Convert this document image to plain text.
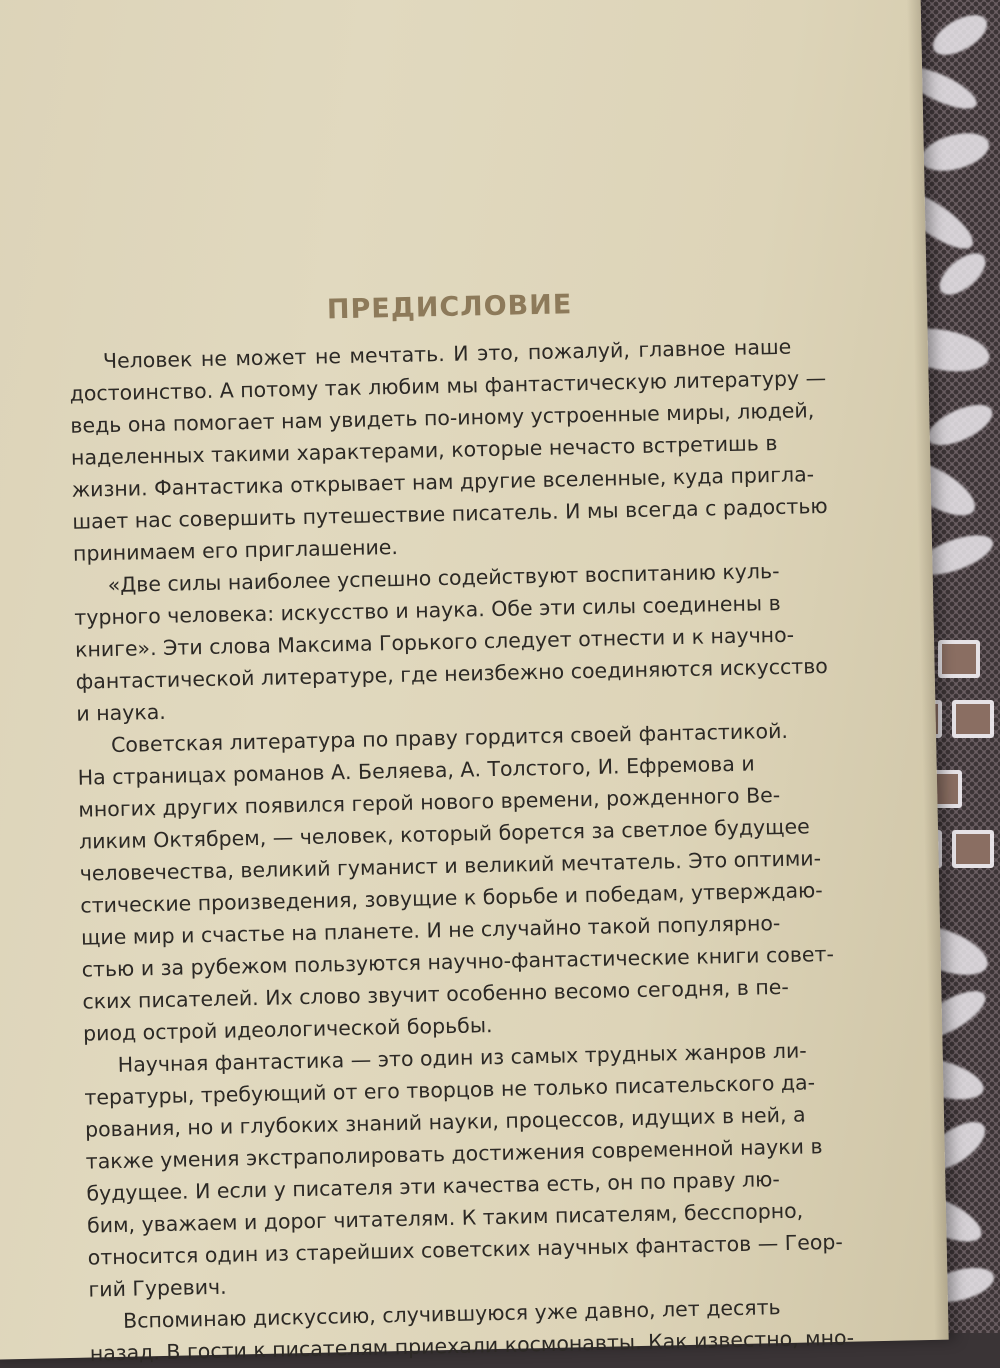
ПРЕДИСЛОВИЕ
Человек не может не мечтать. И это, пожалуй, главное наше
достоинство. А потому так любим мы фантастическую литературу —
ведь она помогает нам увидеть по-иному устроенные миры, людей,
наделенных такими характерами, которые нечасто встретишь в
жизни. Фантастика открывает нам другие вселенные, куда пригла-
шает нас совершить путешествие писатель. И мы всегда с радостью
принимаем его приглашение.
«Две силы наиболее успешно содействуют воспитанию куль-
турного человека: искусство и наука. Обе эти силы соединены в
книге». Эти слова Максима Горького следует отнести и к научно-
фантастической литературе, где неизбежно соединяются искусство
и наука.
Советская литература по праву гордится своей фантастикой.
На страницах романов А. Беляева, А. Толстого, И. Ефремова и
многих других появился герой нового времени, рожденного Ве-
ликим Октябрем, — человек, который борется за светлое будущее
человечества, великий гуманист и великий мечтатель. Это оптими-
стические произведения, зовущие к борьбе и победам, утверждаю-
щие мир и счастье на планете. И не случайно такой популярно-
стью и за рубежом пользуются научно-фантастические книги совет-
ских писателей. Их слово звучит особенно весомо сегодня, в пе-
риод острой идеологической борьбы.
Научная фантастика — это один из самых трудных жанров ли-
тературы, требующий от его творцов не только писательского да-
рования, но и глубоких знаний науки, процессов, идущих в ней, а
также умения экстраполировать достижения современной науки в
будущее. И если у писателя эти качества есть, он по праву лю-
бим, уважаем и дорог читателям. К таким писателям, бесспорно,
относится один из старейших советских научных фантастов — Геор-
гий Гуревич.
Вспоминаю дискуссию, случившуюся уже давно, лет десять
назад. В гости к писателям приехали космонавты. Как известно, мно-
